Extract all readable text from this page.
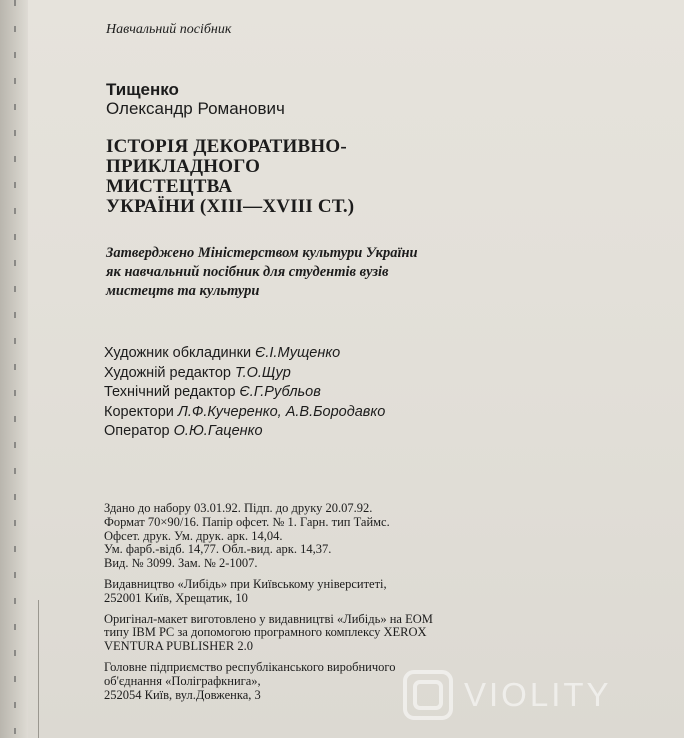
Навчальний посібник
Тищенко
Олександр Романович
ІСТОРІЯ ДЕКОРАТИВНО-
ПРИКЛАДНОГО
МИСТЕЦТВА
УКРАЇНИ (XIII—XVIII СТ.)
Затверджено Міністерством культури України
як навчальний посібник для студентів вузів
мистецтв та культури
Художник обкладинки Є.І.Мущенко
Художній редактор Т.О.Щур
Технічний редактор Є.Г.Рубльов
Коректори Л.Ф.Кучеренко, А.В.Бородавко
Оператор О.Ю.Гаценко
Здано до набору 03.01.92. Підп. до друку 20.07.92.
Формат 70×90/16. Папір офсет. № 1. Гарн. тип Таймс.
Офсет. друк. Ум. друк. арк. 14,04.
Ум. фарб.-відб. 14,77. Обл.-вид. арк. 14,37.
Вид. № 3099. Зам. № 2-1007.
Видавництво «Либідь» при Київському університеті,
252001 Київ, Хрещатик, 10
Оригінал-макет виготовлено у видавництві «Либідь» на ЕОМ
типу IBM PC за допомогою програмного комплексу XEROX
VENTURA PUBLISHER 2.0
Головне підприємство республіканського виробничого
об'єднання «Поліграфкнига»,
252054 Київ, вул.Довженка, 3	VIOLITY
